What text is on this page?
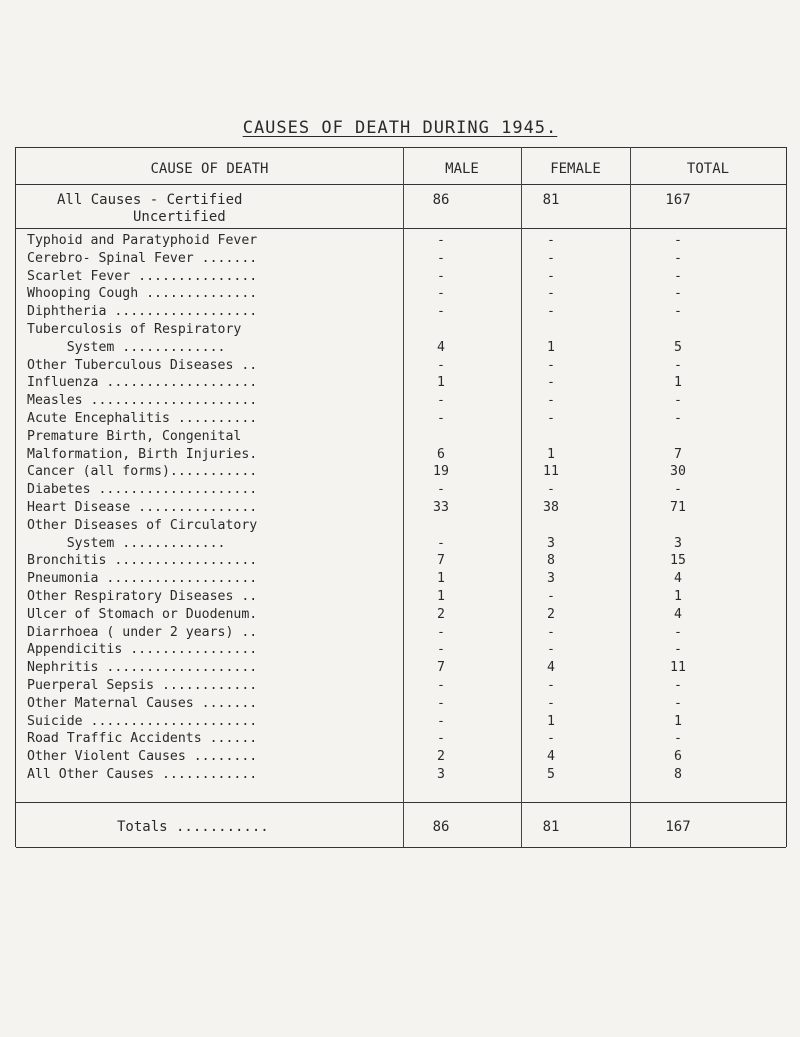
CAUSES OF DEATH DURING 1945.
CAUSE OF DEATH	MALE	FEMALE	TOTAL
All Causes - Certified
Uncertified
86	81	167
Typhoid and Paratyphoid Fever	-	-	-
Cerebro- Spinal Fever .......	-	-	-
Scarlet Fever ...............	-	-	-
Whooping Cough ..............	-	-	-
Diphtheria ..................	-	-	-
Tuberculosis of Respiratory
System .............	4	1	5
Other Tuberculous Diseases ..	-	-	-
Influenza ...................	1	-	1
Measles .....................	-	-	-
Acute Encephalitis ..........	-	-	-
Premature Birth, Congenital
Malformation, Birth Injuries.	6	1	7
Cancer (all forms)...........	19	11	30
Diabetes ....................	-	-	-
Heart Disease ...............	33	38	71
Other Diseases of Circulatory
System .............	-	3	3
Bronchitis ..................	7	8	15
Pneumonia ...................	1	3	4
Other Respiratory Diseases ..	1	-	1
Ulcer of Stomach or Duodenum.	2	2	4
Diarrhoea ( under 2 years) ..	-	-	-
Appendicitis ................	-	-	-
Nephritis ...................	7	4	11
Puerperal Sepsis ............	-	-	-
Other Maternal Causes .......	-	-	-
Suicide .....................	-	1	1
Road Traffic Accidents ......	-	-	-
Other Violent Causes ........	2	4	6
All Other Causes ............	3	5	8
Totals ...........	86	81	167
